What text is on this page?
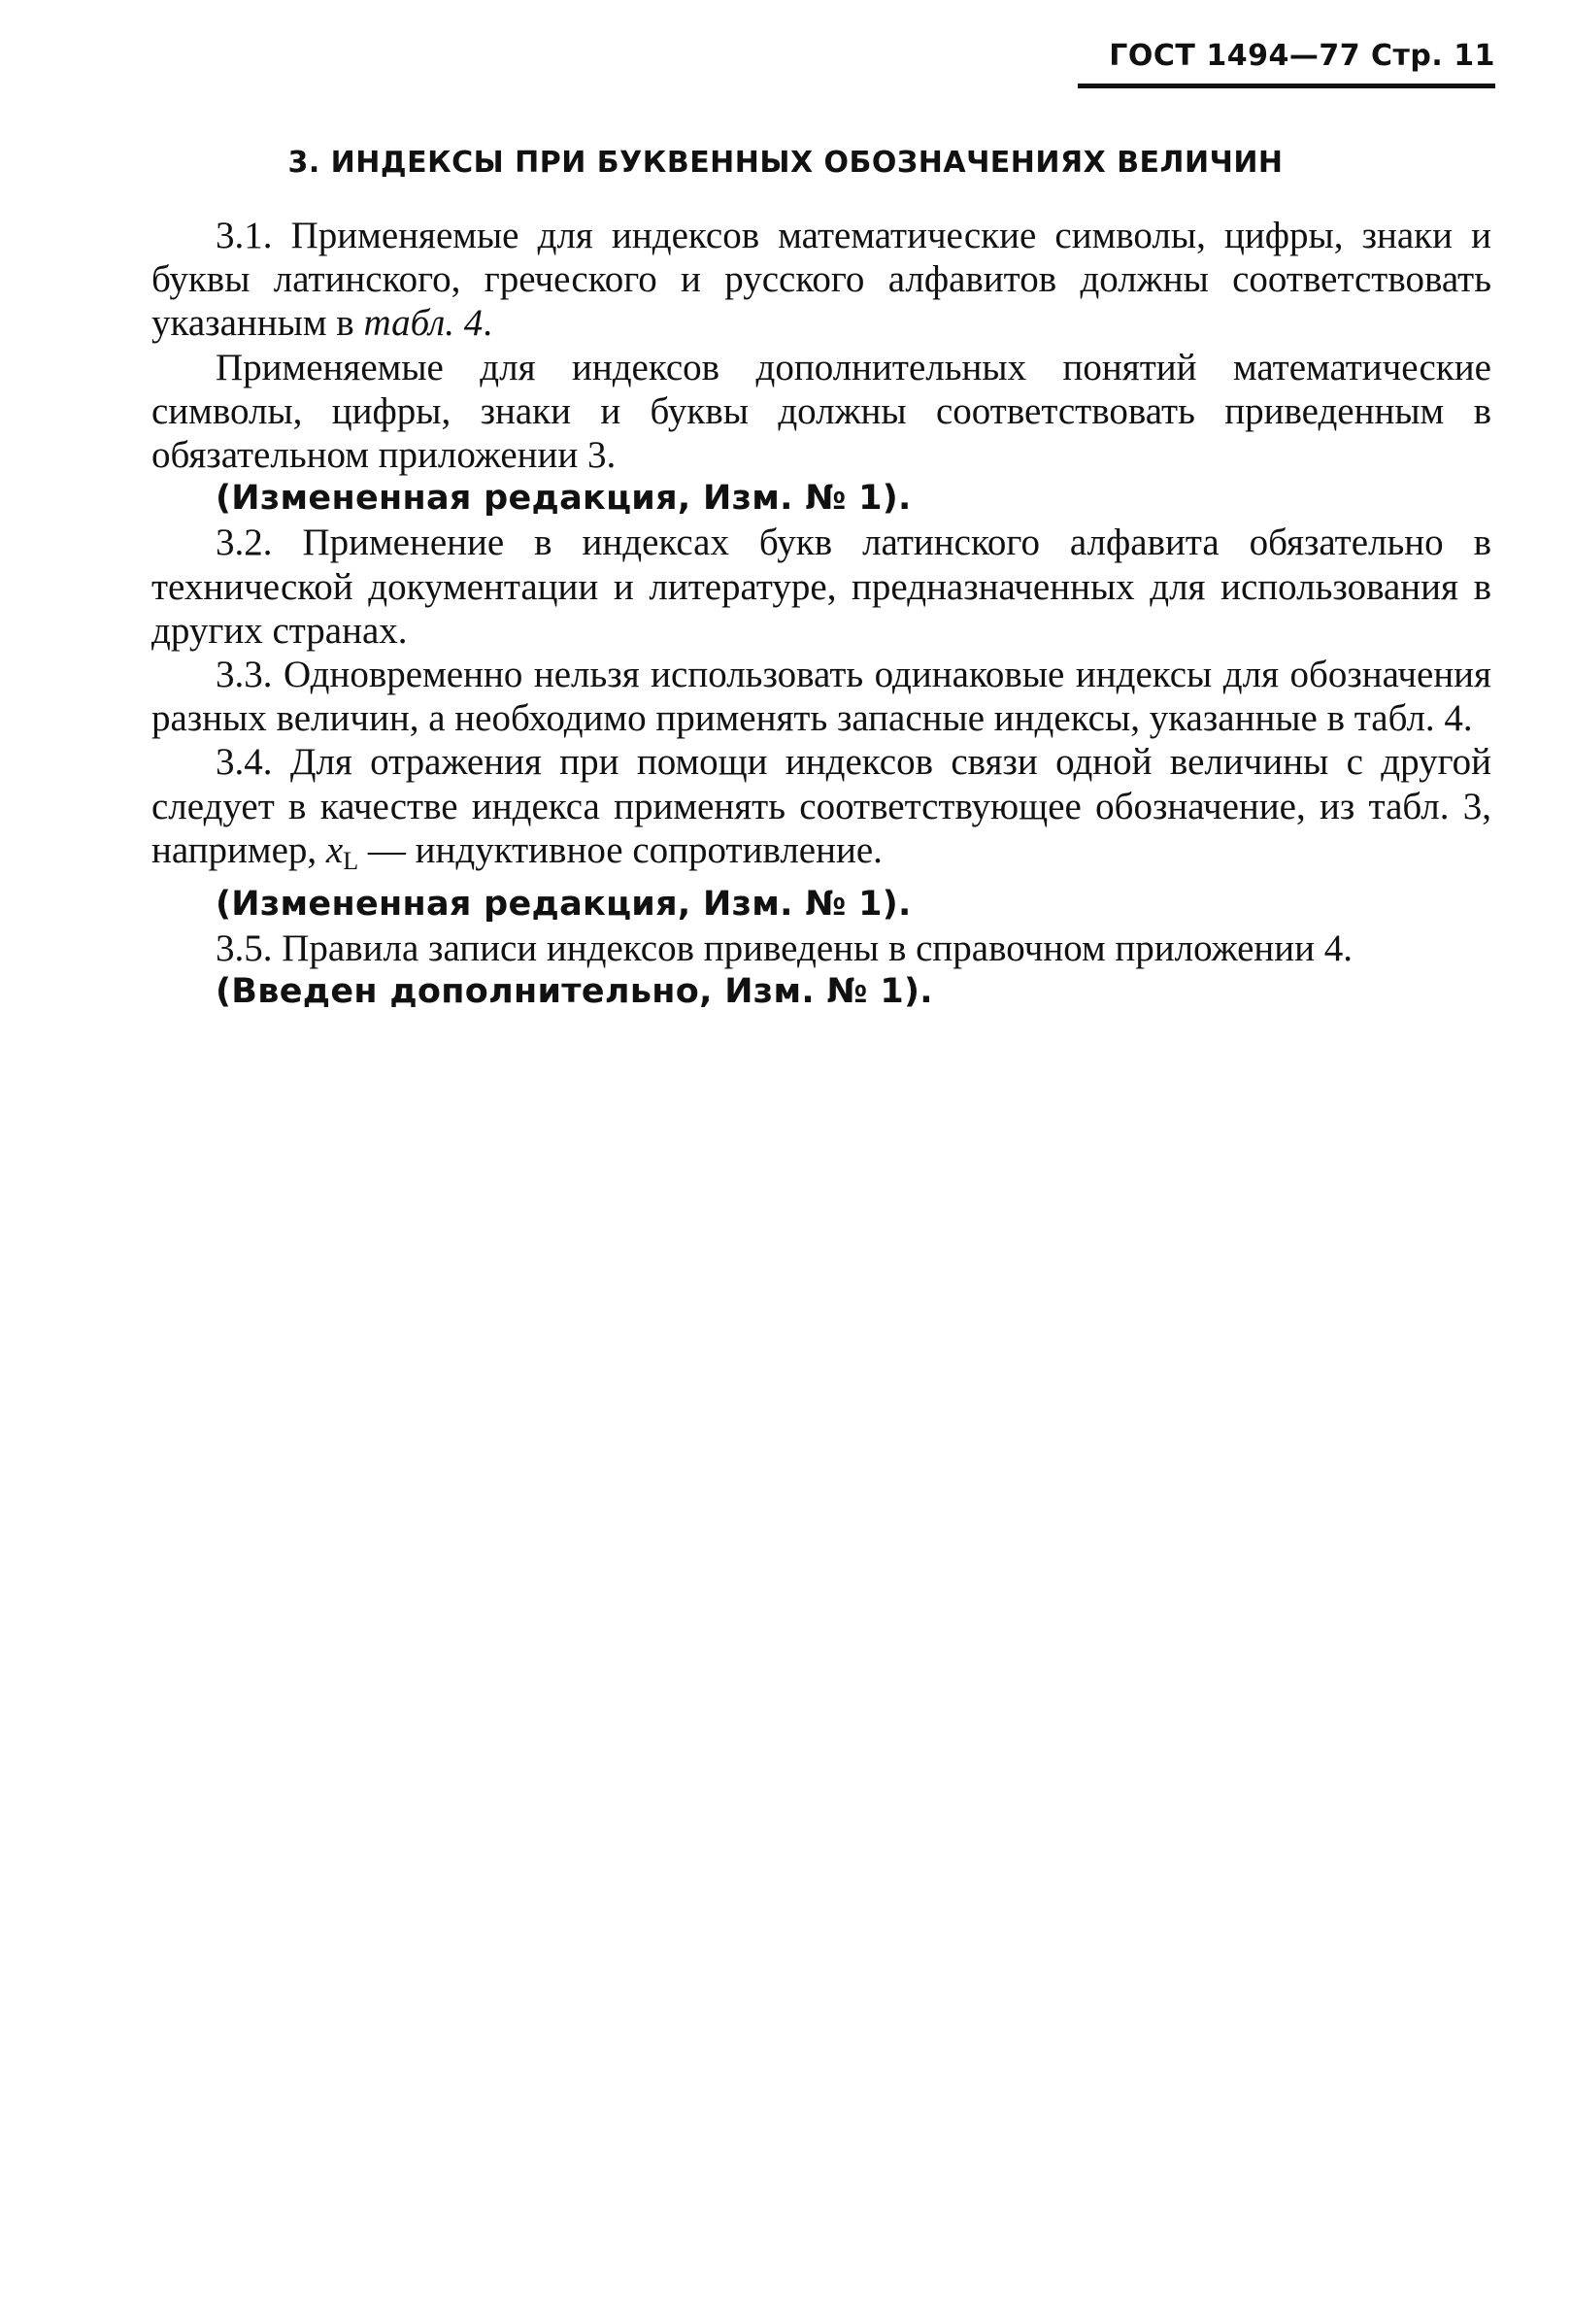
ГОСТ 1494—77 Стр. 11
3. ИНДЕКСЫ ПРИ БУКВЕННЫХ ОБОЗНАЧЕНИЯХ ВЕЛИЧИН

3.1. Применяемые для индексов математические символы, цифры, знаки и буквы латинского, греческого и русского алфавитов должны соответствовать указанным в табл. 4.

Применяемые для индексов дополнительных понятий математические символы, цифры, знаки и буквы должны соответствовать приведенным в обязательном приложении 3.

(Измененная редакция, Изм. № 1).

3.2. Применение в индексах букв латинского алфавита обязательно в технической документации и литературе, предназначенных для использования в других странах.

3.3. Одновременно нельзя использовать одинаковые индексы для обозначения разных величин, а необходимо применять запасные индексы, указанные в табл. 4.

3.4. Для отражения при помощи индексов связи одной величины с другой следует в качестве индекса применять соответствующее обозначение, из табл. 3, например, $x_L$ — индуктивное сопротивление.

(Измененная редакция, Изм. № 1).

3.5. Правила записи индексов приведены в справочном приложении 4.

(Введен дополнительно, Изм. № 1).
